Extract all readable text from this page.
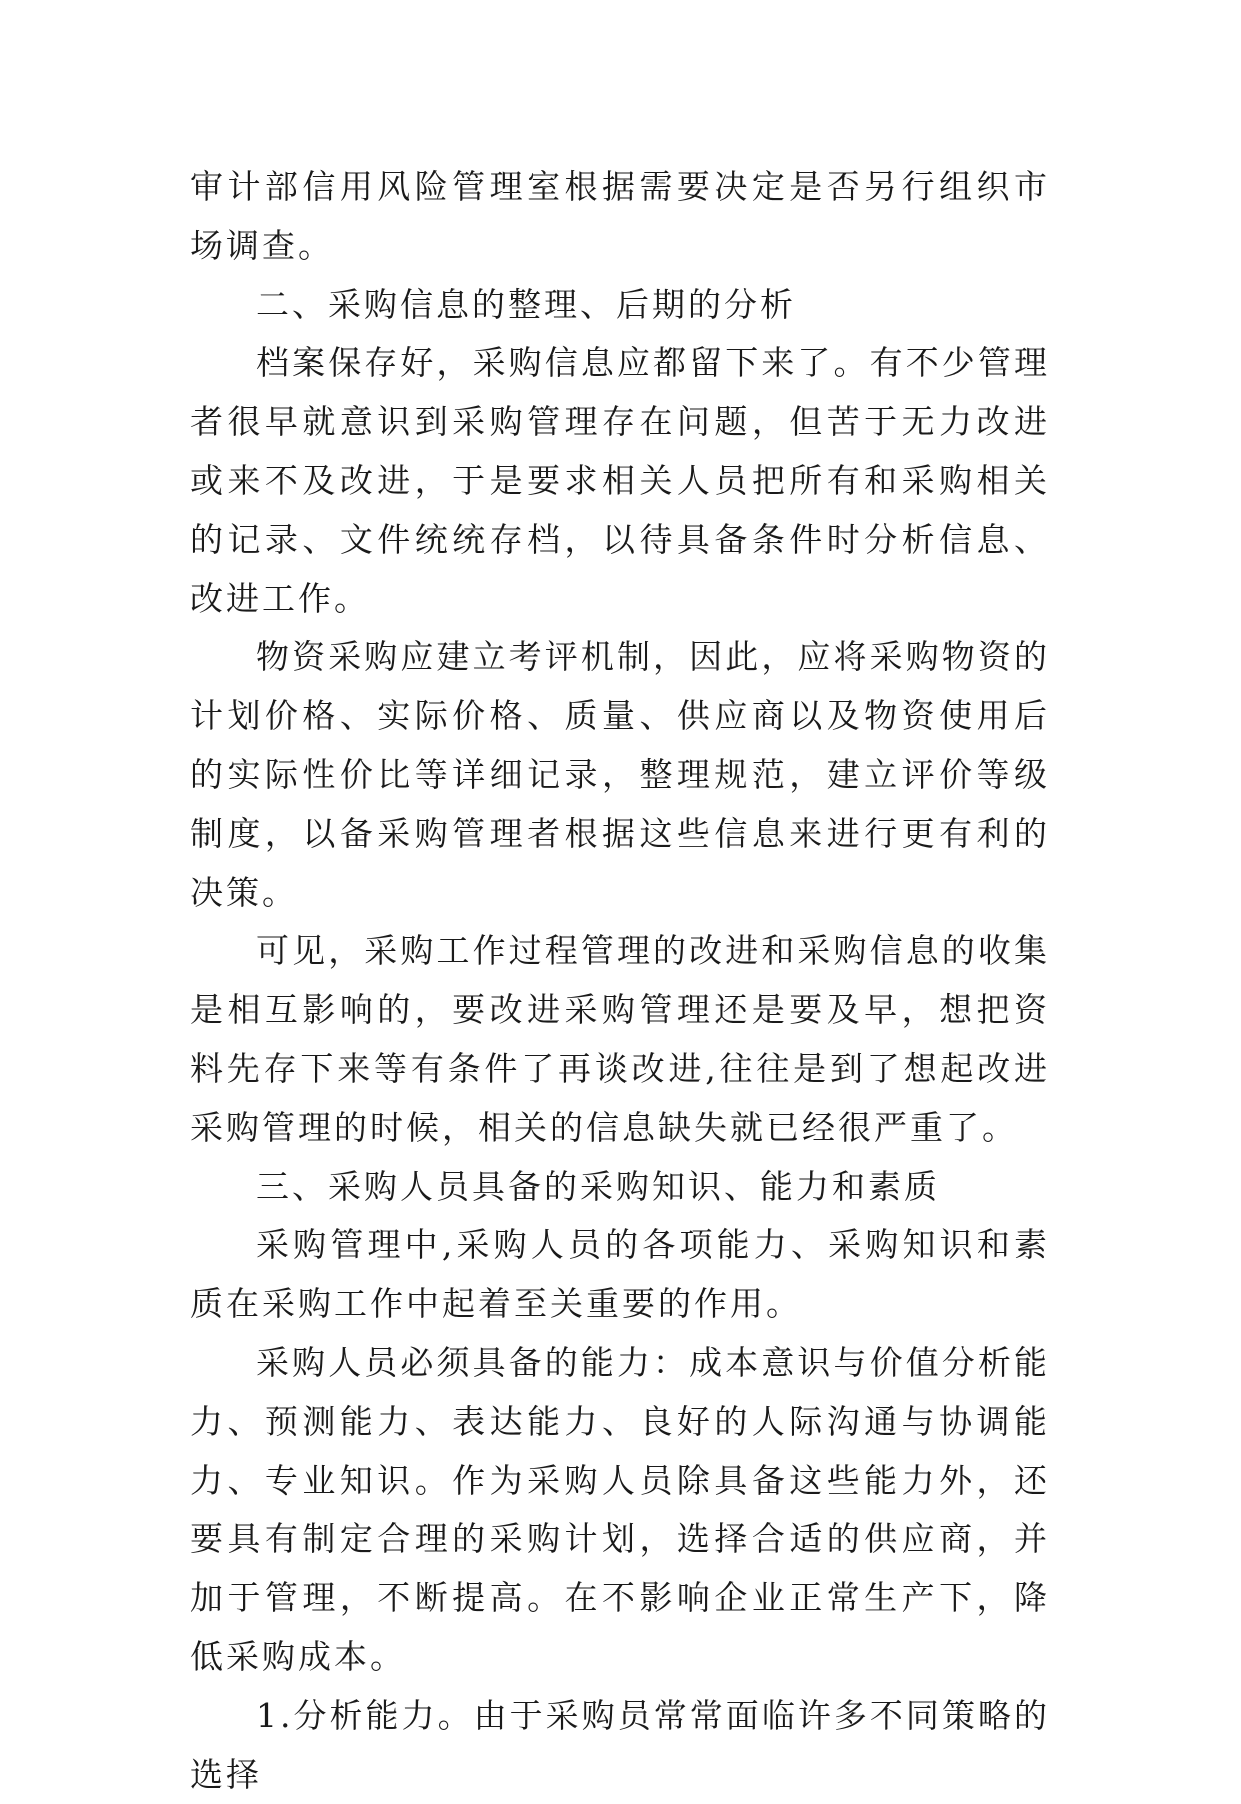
审计部信用风险管理室根据需要决定是否另行组织市场调查。

二、采购信息的整理、后期的分析

档案保存好，采购信息应都留下来了。有不少管理者很早就意识到采购管理存在问题，但苦于无力改进或来不及改进，于是要求相关人员把所有和采购相关的记录、文件统统存档，以待具备条件时分析信息、改进工作。

物资采购应建立考评机制，因此，应将采购物资的计划价格、实际价格、质量、供应商以及物资使用后的实际性价比等详细记录，整理规范，建立评价等级制度，以备采购管理者根据这些信息来进行更有利的决策。

可见，采购工作过程管理的改进和采购信息的收集是相互影响的，要改进采购管理还是要及早，想把资料先存下来等有条件了再谈改进,往往是到了想起改进采购管理的时候，相关的信息缺失就已经很严重了。

三、采购人员具备的采购知识、能力和素质

采购管理中,采购人员的各项能力、采购知识和素质在采购工作中起着至关重要的作用。

采购人员必须具备的能力：成本意识与价值分析能力、预测能力、表达能力、良好的人际沟通与协调能力、专业知识。作为采购人员除具备这些能力外，还要具有制定合理的采购计划，选择合适的供应商，并加于管理，不断提高。在不影响企业正常生产下，降低采购成本。

1.分析能力。由于采购员常常面临许多不同策略的选择
